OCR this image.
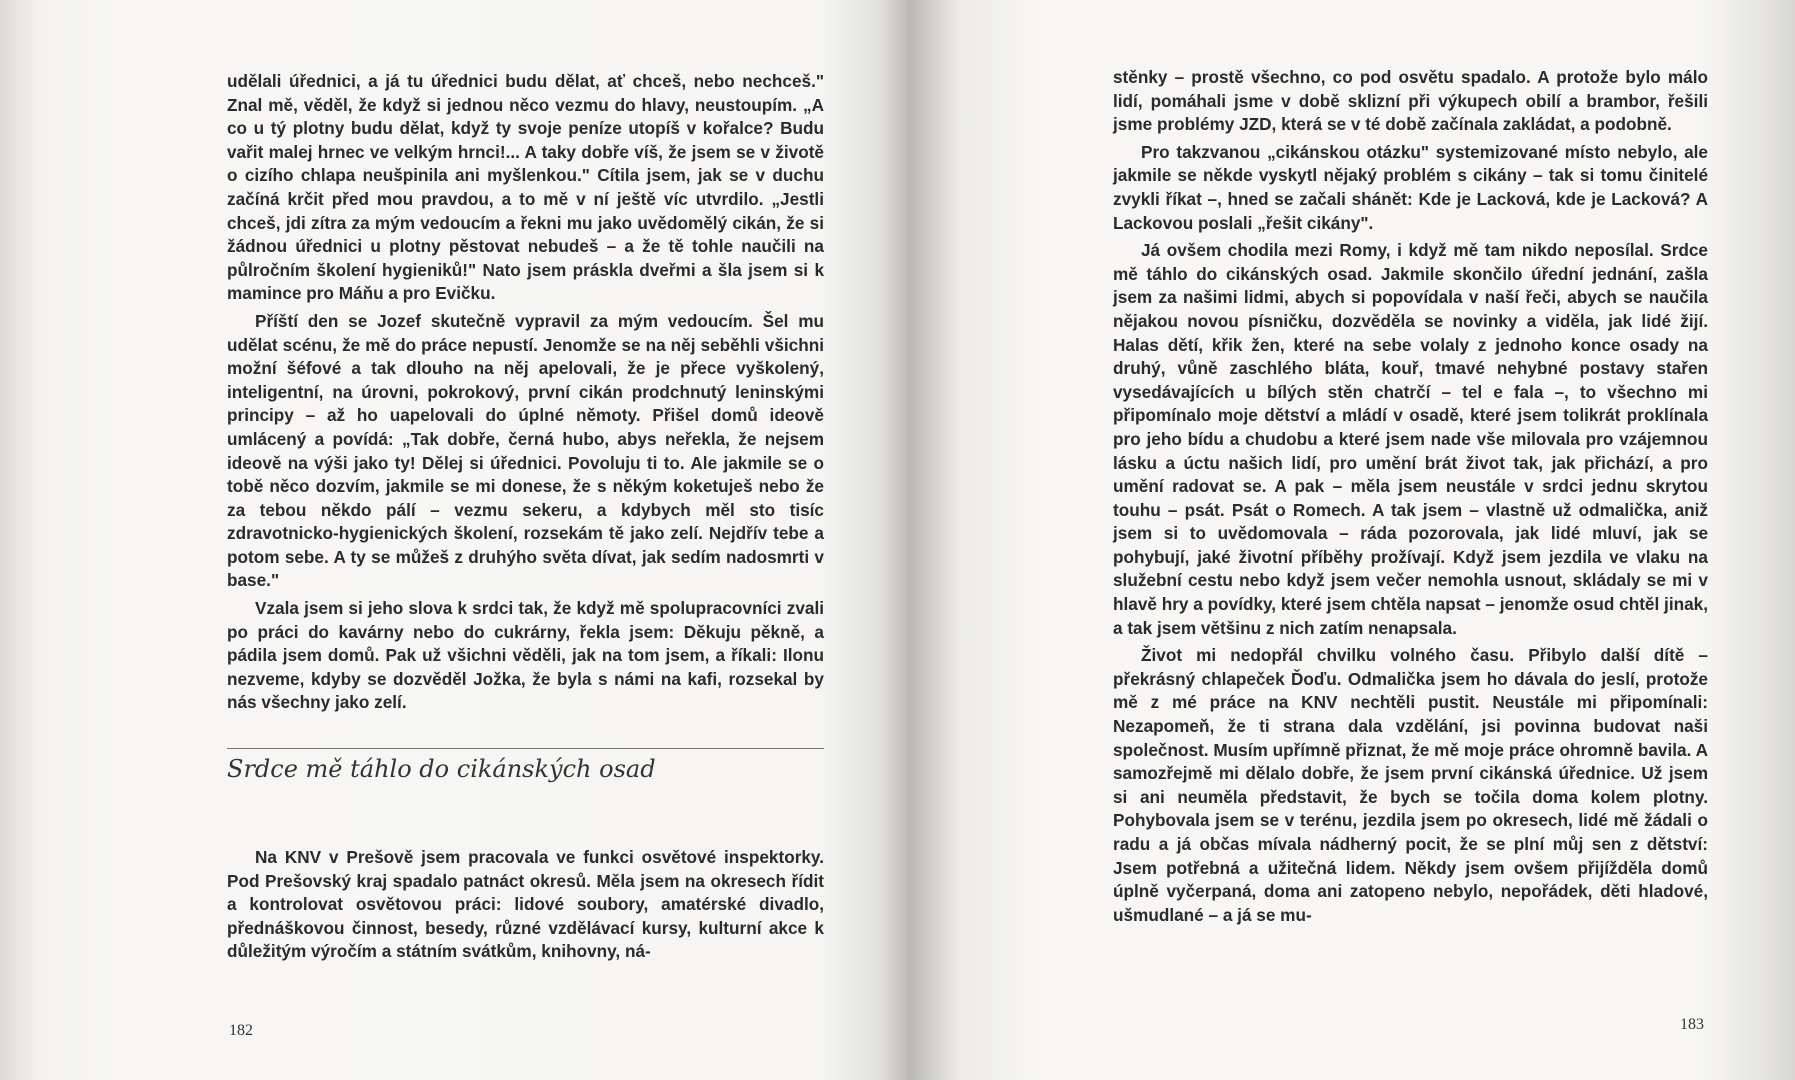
udělali úřednici, a já tu úřednici budu dělat, ať chceš, nebo nechceš." Znal mě, věděl, že když si jednou něco vezmu do hlavy, neustoupím. „A co u tý plotny budu dělat, když ty svoje peníze utopíš v kořalce? Budu vařit malej hrnec ve velkým hrnci!... A taky dobře víš, že jsem se v životě o cizího chlapa neušpinila ani myšlenkou." Cítila jsem, jak se v duchu začíná krčit před mou pravdou, a to mě v ní ještě víc utvrdilo. „Jestli chceš, jdi zítra za mým vedoucím a řekni mu jako uvědomělý cikán, že si žádnou úřednici u plotny pěstovat nebudeš – a že tě tohle naučili na půlročním školení hygieniků!" Nato jsem práskla dveřmi a šla jsem si k mamince pro Máňu a pro Evičku.

Příští den se Jozef skutečně vypravil za mým vedoucím. Šel mu udělat scénu, že mě do práce nepustí. Jenomže se na něj seběhli všichni možní šéfové a tak dlouho na něj apelovali, že je přece vyškolený, inteligentní, na úrovni, pokrokový, první cikán prodchnutý leninskými principy – až ho uapelovali do úplné němoty. Přišel domů ideově umlácený a povídá: „Tak dobře, černá hubo, abys neřekla, že nejsem ideově na výši jako ty! Dělej si úřednici. Povoluju ti to. Ale jakmile se o tobě něco dozvím, jakmile se mi donese, že s někým koketuješ nebo že za tebou někdo pálí – vezmu sekeru, a kdybych měl sto tisíc zdravotnicko-hygienických školení, rozsekám tě jako zelí. Nejdřív tebe a potom sebe. A ty se můžeš z druhýho světa dívat, jak sedím nadosmrti v base."

Vzala jsem si jeho slova k srdci tak, že když mě spolupracovníci zvali po práci do kavárny nebo do cukrárny, řekla jsem: Děkuju pěkně, a pádila jsem domů. Pak už všichni věděli, jak na tom jsem, a říkali: Ilonu nezveme, kdyby se dozvěděl Jožka, že byla s námi na kafi, rozsekal by nás všechny jako zelí.

Srdce mě táhlo do cikánských osad

Na KNV v Prešově jsem pracovala ve funkci osvětové inspektorky. Pod Prešovský kraj spadalo patnáct okresů. Měla jsem na okresech řídit a kontrolovat osvětovou práci: lidové soubory, amatérské divadlo, přednáškovou činnost, besedy, různé vzdělávací kursy, kulturní akce k důležitým výročím a státním svátkům, knihovny, ná-

182

stěnky – prostě všechno, co pod osvětu spadalo. A protože bylo málo lidí, pomáhali jsme v době sklizní při výkupech obilí a brambor, řešili jsme problémy JZD, která se v té době začínala zakládat, a podobně.

Pro takzvanou „cikánskou otázku" systemizované místo nebylo, ale jakmile se někde vyskytl nějaký problém s cikány – tak si tomu činitelé zvykli říkat –, hned se začali shánět: Kde je Lacková, kde je Lacková? A Lackovou poslali „řešit cikány".

Já ovšem chodila mezi Romy, i když mě tam nikdo neposílal. Srdce mě táhlo do cikánských osad. Jakmile skončilo úřední jednání, zašla jsem za našimi lidmi, abych si popovídala v naší řeči, abych se naučila nějakou novou písničku, dozvěděla se novinky a viděla, jak lidé žijí. Halas dětí, křik žen, které na sebe volaly z jednoho konce osady na druhý, vůně zaschlého bláta, kouř, tmavé nehybné postavy stařen vysedávajících u bílých stěn chatrčí – tel e fala –, to všechno mi připomínalo moje dětství a mládí v osadě, které jsem tolikrát proklínala pro jeho bídu a chudobu a které jsem nade vše milovala pro vzájemnou lásku a úctu našich lidí, pro umění brát život tak, jak přichází, a pro umění radovat se. A pak – měla jsem neustále v srdci jednu skrytou touhu – psát. Psát o Romech. A tak jsem – vlastně už odmalička, aniž jsem si to uvědomovala – ráda pozorovala, jak lidé mluví, jak se pohybují, jaké životní příběhy prožívají. Když jsem jezdila ve vlaku na služební cestu nebo když jsem večer nemohla usnout, skládaly se mi v hlavě hry a povídky, které jsem chtěla napsat – jenomže osud chtěl jinak, a tak jsem většinu z nich zatím nenapsala.

Život mi nedopřál chvilku volného času. Přibylo další dítě – překrásný chlapeček Ďoďu. Odmalička jsem ho dávala do jeslí, protože mě z mé práce na KNV nechtěli pustit. Neustále mi připomínali: Nezapomeň, že ti strana dala vzdělání, jsi povinna budovat naši společnost. Musím upřímně přiznat, že mě moje práce ohromně bavila. A samozřejmě mi dělalo dobře, že jsem první cikánská úřednice. Už jsem si ani neuměla představit, že bych se točila doma kolem plotny. Pohybovala jsem se v terénu, jezdila jsem po okresech, lidé mě žádali o radu a já občas mívala nádherný pocit, že se plní můj sen z dětství: Jsem potřebná a užitečná lidem. Někdy jsem ovšem přijížděla domů úplně vyčerpaná, doma ani zatopeno nebylo, nepořádek, děti hladové, ušmudlané – a já se mu-

183
